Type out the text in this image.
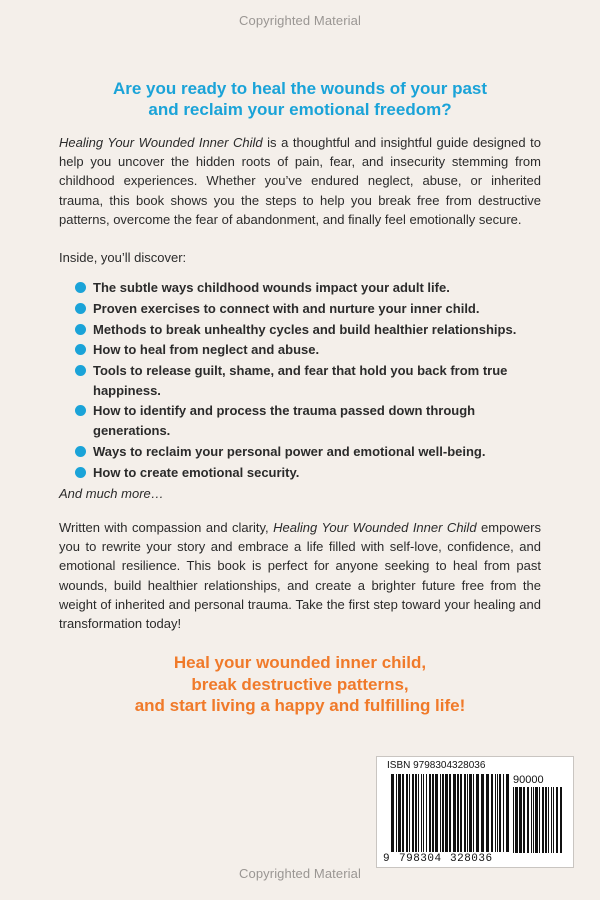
Copyrighted Material
Are you ready to heal the wounds of your past
and reclaim your emotional freedom?

Healing Your Wounded Inner Child is a thoughtful and insightful guide designed to help you uncover the hidden roots of pain, fear, and insecurity stemming from childhood experiences. Whether you’ve endured neglect, abuse, or inherited trauma, this book shows you the steps to help you break free from destructive patterns, overcome the fear of abandonment, and finally feel emotionally secure.

Inside, you’ll discover:

The subtle ways childhood wounds impact your adult life.
Proven exercises to connect with and nurture your inner child.
Methods to break unhealthy cycles and build healthier relationships.
How to heal from neglect and abuse.
Tools to release guilt, shame, and fear that hold you back from true happiness.
How to identify and process the trauma passed down through generations.
Ways to reclaim your personal power and emotional well-being.
How to create emotional security.

And much more…

Written with compassion and clarity, Healing Your Wounded Inner Child empowers you to rewrite your story and embrace a life filled with self-love, confidence, and emotional resilience. This book is perfect for anyone seeking to heal from past wounds, build healthier relationships, and create a brighter future free from the weight of inherited and personal trauma. Take the first step toward your healing and transformation today!

Heal your wounded inner child,
break destructive patterns,
and start living a happy and fulfilling life!
ISBN 9798304328036
90000
9 798304 328036
Copyrighted Material
